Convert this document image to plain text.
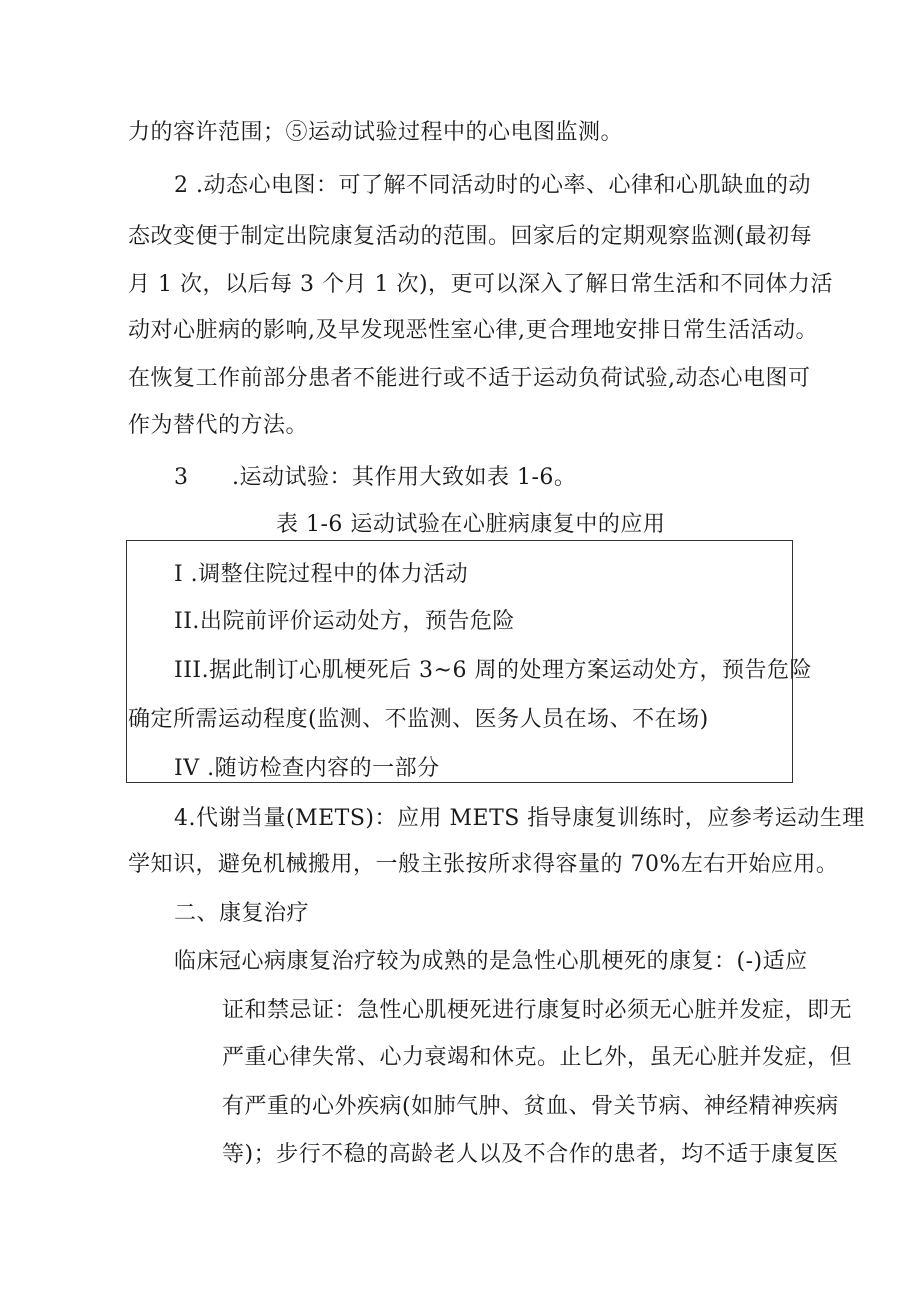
力的容许范围；⑤运动试验过程中的心电图监测。
2 .动态心电图：可了解不同活动时的心率、心律和心肌缺血的动
态改变便于制定出院康复活动的范围。回家后的定期观察监测(最初每
月 1 次，以后每 3 个月 1 次)，更可以深入了解日常生活和不同体力活
动对心脏病的影响,及早发现恶性室心律,更合理地安排日常生活活动。
在恢复工作前部分患者不能进行或不适于运动负荷试验,动态心电图可
作为替代的方法。
3 .运动试验：其作用大致如表 1-6。
表 1-6 运动试验在心脏病康复中的应用
I .调整住院过程中的体力活动
II.出院前评价运动处方，预告危险
III.据此制订心肌梗死后 3~6 周的处理方案运动处方，预告危险
确定所需运动程度(监测、不监测、医务人员在场、不在场)
IV .随访检查内容的一部分
4.代谢当量(METS)：应用 METS 指导康复训练时，应参考运动生理
学知识，避免机械搬用，一般主张按所求得容量的 70%左右开始应用。
二、康复治疗
临床冠心病康复治疗较为成熟的是急性心肌梗死的康复：(-)适应
证和禁忌证：急性心肌梗死进行康复时必须无心脏并发症，即无
严重心律失常、心力衰竭和休克。止匕外，虽无心脏并发症，但
有严重的心外疾病(如肺气肿、贫血、骨关节病、神经精神疾病
等)；步行不稳的高龄老人以及不合作的患者，均不适于康复医
